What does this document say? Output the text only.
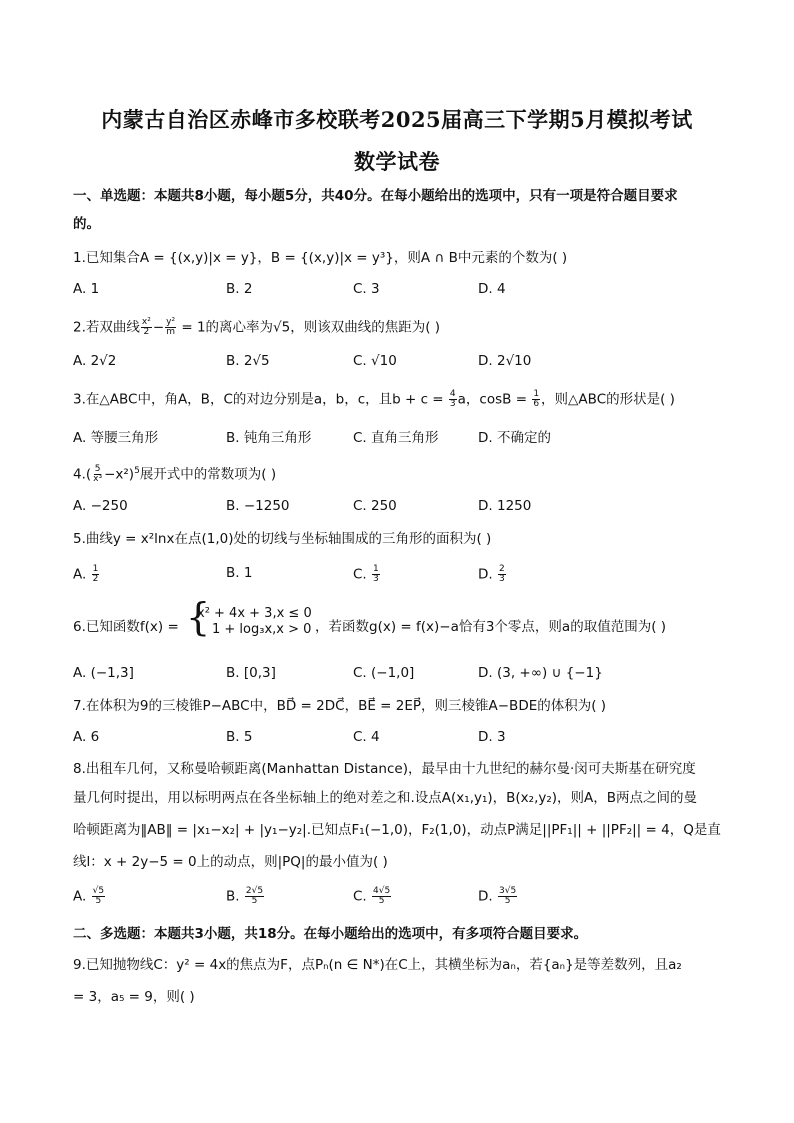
内蒙古自治区赤峰市多校联考2025届高三下学期5月模拟考试
数学试卷
一、单选题：本题共8小题，每小题5分，共40分。在每小题给出的选项中，只有一项是符合题目要求
的。
1.已知集合A = {(x,y)|x = y}，B = {(x,y)|x = y³}，则A ∩ B中元素的个数为( )
A. 1	B. 2	C. 3	D. 4
2.若双曲线 $\frac{\text{x²}}{2} - \frac{\text{y²}}{m} = 1$的离心率为√5，则该双曲线的焦距为( )
A. 2√2	B. 2√5	C. √10	D. 2√10
3.在△ABC中，角A，B，C的对边分别是a，b，c，且$b + c = \frac{4}{3}$ a，$\cos B = \frac{1}{6}$ ，则△ABC的形状是( )
A. 等腰三角形	B. 钝角三角形	C. 直角三角形	D. 不确定的
$4.( \frac{5}{\text{x³}} -x^2)^5$展开式中的常数项为( )
A. −250	B. −1250	C. 250	D. 1250
5.曲线y = x²lnx在点(1,0)处的切线与坐标轴围成的三角形的面积为( )
A. $\frac{1}{2}$	B. 1	C. $\frac{1}{3}$	D. $\frac{2}{3}$
6.已知函数f(x) = {
x² + 4x + 3,x ≤ 0
1 + log₃x,x > 0 ，若函数g(x) = f(x)−a恰有3个零点，则a的取值范围为( )
A. (−1,3]	B. [0,3]	C. (−1,0]	D. (3, +∞) ∪ {−1}
7.在体积为9的三棱锥P−ABC中，BD⃗ = 2DC⃗，BE⃗ = 2EP⃗，则三棱锥A−BDE的体积为( )
A. 6	B. 5	C. 4	D. 3
8.出租车几何，又称曼哈顿距离(Manhattan Distance)，最早由十九世纪的赫尔曼·闵可夫斯基在研究度
量几何时提出，用以标明两点在各坐标轴上的绝对差之和.设点A(x₁,y₁)，B(x₂,y₂)，则A，B两点之间的曼
哈顿距离为‖AB‖ = |x₁−x₂| + |y₁−y₂|.已知点F₁(−1,0)，F₂(1,0)，动点P满足||PF₁|| + ||PF₂|| = 4，Q是直
线l：x + 2y−5 = 0上的动点，则|PQ|的最小值为( )
A. $\frac{√5}{5}$	B. $\frac{2√5}{5}$	C. $\frac{4√5}{5}$	D. $\frac{3√5}{5}$
二、多选题：本题共3小题，共18分。在每小题给出的选项中，有多项符合题目要求。
9.已知抛物线C：y² = 4x的焦点为F，点Pₙ(n ∈ N*)在C上，其横坐标为aₙ，若{aₙ}是等差数列，且a₂
= 3，a₅ = 9，则( )
